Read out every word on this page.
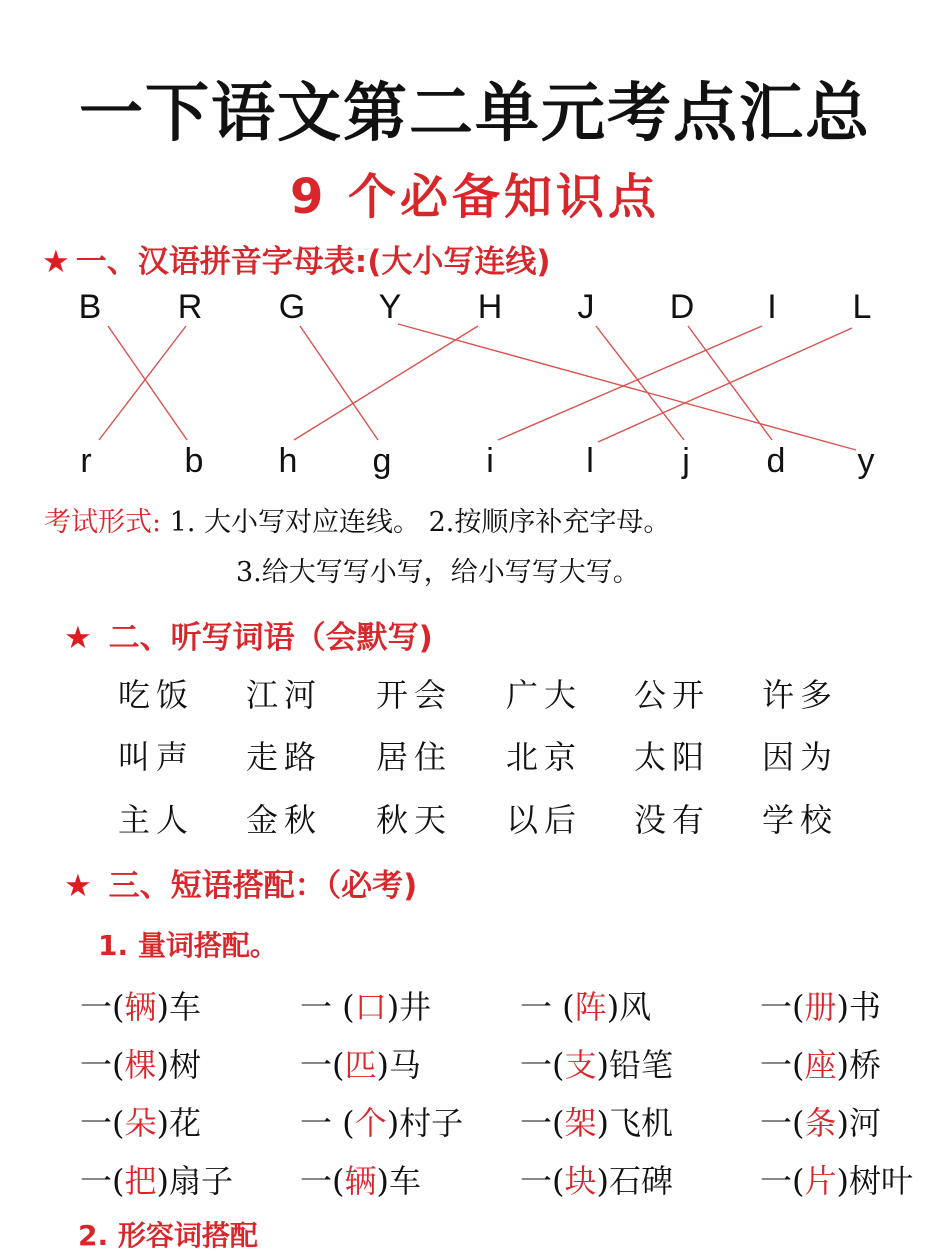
一下语文第二单元考点汇总
9 个必备知识点
★ 一、汉语拼音字母表:(大小写连线)
B R G Y H	J	D	I	L
r	b	h	g	i	l	j	d	y
考试形式: 1. 大小写对应连线。 2.按顺序补充字母。
3.给大写写小写，给小写写大写。
★ 二、听写词语（会默写)
吃饭 江河 开会 广大 公开 许多
叫声 走路 居住 北京 太阳 因为
主人 金秋 秋天 以后 没有 学校
★ 三、短语搭配：（必考)
1. 量词搭配。
一(辆)车	一 (口)井	一 (阵)风	一(册)书
一(棵)树	一(匹)马	一(支)铅笔	一(座)桥
一(朵)花	一 (个)村子 一(架)飞机	一(条)河
一(把)扇子 一(辆)车	一(块)石碑	一(片)树叶
2. 形容词搭配
